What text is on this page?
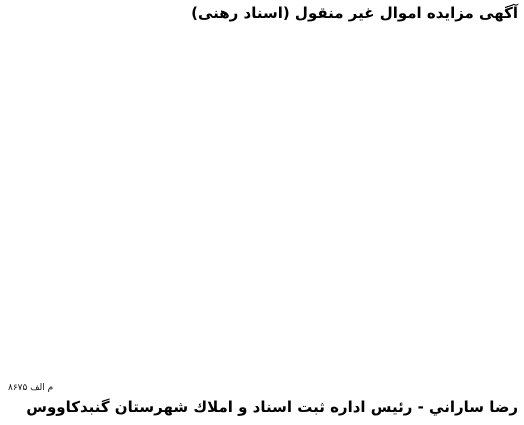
آگهی مزایده اموال غیر منقول (اسناد رهنی)

م الف ۸۶۷۵
رضا ساراني - رئيس اداره ثبت اسناد و املاك شهرستان گنبدكاووس
